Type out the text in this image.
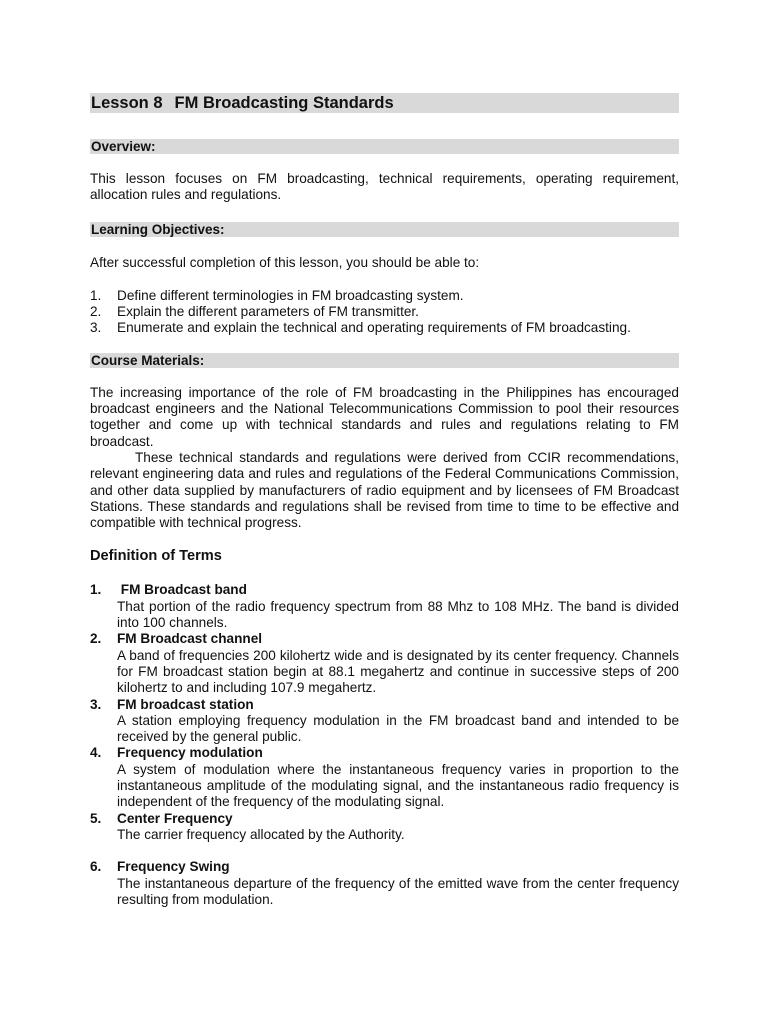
Lesson 8 FM Broadcasting Standards
Overview:

This lesson focuses on FM broadcasting, technical requirements, operating requirement, allocation rules and regulations.

Learning Objectives:

After successful completion of this lesson, you should be able to:

1.	Define different terminologies in FM broadcasting system.
2.	Explain the different parameters of FM transmitter.
3.	Enumerate and explain the technical and operating requirements of FM broadcasting.
Course Materials:

The increasing importance of the role of FM broadcasting in the Philippines has encouraged broadcast engineers and the National Telecommunications Commission to pool their resources together and come up with technical standards and rules and regulations relating to FM broadcast.

These technical standards and regulations were derived from CCIR recommendations, relevant engineering data and rules and regulations of the Federal Communications Commission, and other data supplied by manufacturers of radio equipment and by licensees of FM Broadcast Stations. These standards and regulations shall be revised from time to time to be effective and compatible with technical progress.

Definition of Terms
1.	FM Broadcast band
That portion of the radio frequency spectrum from 88 Mhz to 108 MHz. The band is divided into 100 channels.
2.	FM Broadcast channel
A band of frequencies 200 kilohertz wide and is designated by its center frequency. Channels for FM broadcast station begin at 88.1 megahertz and continue in successive steps of 200 kilohertz to and including 107.9 megahertz.
3.	FM broadcast station
A station employing frequency modulation in the FM broadcast band and intended to be received by the general public.
4.	Frequency modulation
A system of modulation where the instantaneous frequency varies in proportion to the instantaneous amplitude of the modulating signal, and the instantaneous radio frequency is independent of the frequency of the modulating signal.
5.	Center Frequency
The carrier frequency allocated by the Authority.
6.	Frequency Swing
The instantaneous departure of the frequency of the emitted wave from the center frequency resulting from modulation.
